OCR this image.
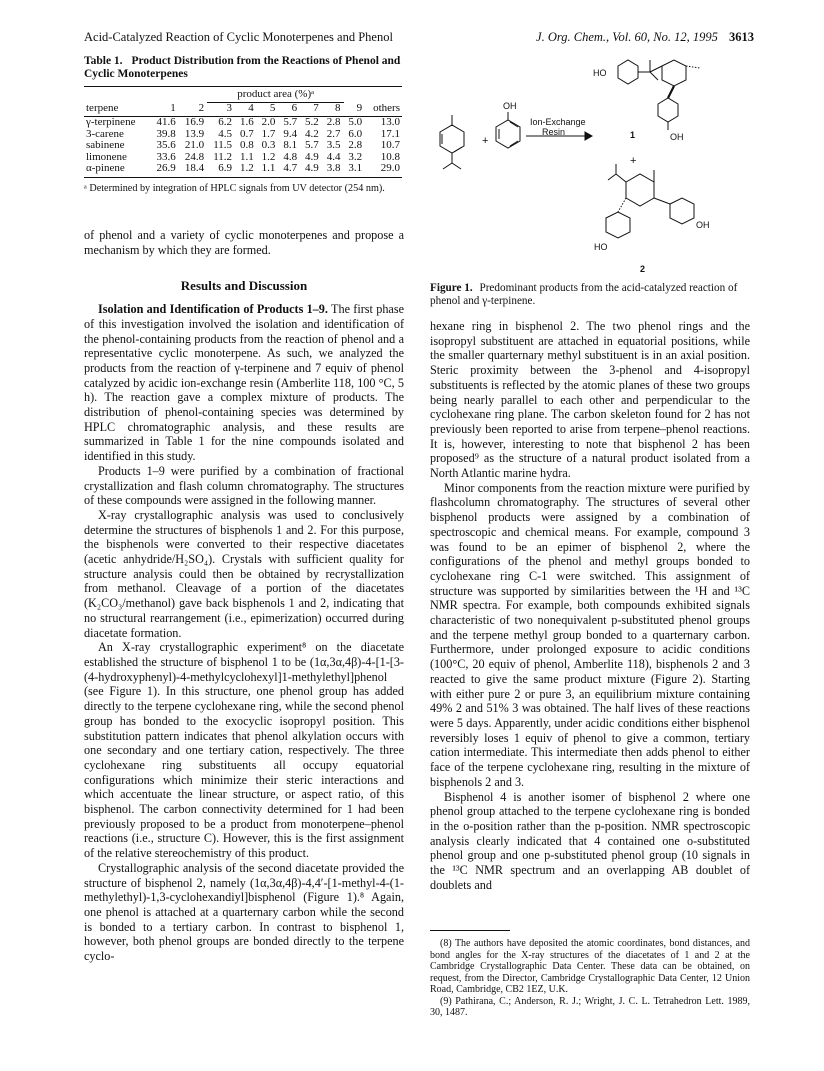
Acid-Catalyzed Reaction of Cyclic Monoterpenes and Phenol	J. Org. Chem., Vol. 60, No. 12, 1995 3613
Table 1. Product Distribution from the Reactions of Phenol and Cyclic Monoterpenes
	product area (%)ᵃ									
terpene	1	2	3	4	5	6	7	8	9	others
γ-terpinene	41.6	16.9	6.2	1.6	2.0	5.7	5.2	2.8	5.0	13.0
3-carene	39.8	13.9	4.5	0.7	1.7	9.4	4.2	2.7	6.0	17.1
sabinene	35.6	21.0	11.5	0.8	0.3	8.1	5.7	3.5	2.8	10.7
limonene	33.6	24.8	11.2	1.1	1.2	4.8	4.9	4.4	3.2	10.8
α-pinene	26.9	18.4	6.9	1.2	1.1	4.7	4.9	3.8	3.1	29.0
ᵃ Determined by integration of HPLC signals from UV detector (254 nm).
+
OH
Ion-Exchange
Resin
HO
OH
1
+
HO
OH
2
Figure 1. Predominant products from the acid-catalyzed reaction of phenol and γ-terpinene.

of phenol and a variety of cyclic monoterpenes and propose a mechanism by which they are formed.

Results and Discussion

Isolation and Identification of Products 1–9. The first phase of this investigation involved the isolation and identification of the phenol-containing products from the reaction of phenol and a representative cyclic monoterpene. As such, we analyzed the products from the reaction of γ-terpinene and 7 equiv of phenol catalyzed by acidic ion-exchange resin (Amberlite 118, 100 °C, 5 h). The reaction gave a complex mixture of products. The distribution of phenol-containing species was determined by HPLC chromatographic analysis, and these results are summarized in Table 1 for the nine compounds isolated and identified in this study.

Products 1–9 were purified by a combination of fractional crystallization and flash column chromatography. The structures of these compounds were assigned in the following manner.

X-ray crystallographic analysis was used to conclusively determine the structures of bisphenols 1 and 2. For this purpose, the bisphenols were converted to their respective diacetates (acetic anhydride/H₂SO₄). Crystals with sufficient quality for structure analysis could then be obtained by recrystallization from methanol. Cleavage of a portion of the diacetates (K₂CO₃/methanol) gave back bisphenols 1 and 2, indicating that no structural rearrangement (i.e., epimerization) occurred during diacetate formation.

An X-ray crystallographic experiment⁸ on the diacetate established the structure of bisphenol 1 to be (1α,3α,4β)-4-[1-[3-(4-hydroxyphenyl)-4-methylcyclohexyl]1-methylethyl]phenol (see Figure 1). In this structure, one phenol group has added directly to the terpene cyclohexane ring, while the second phenol group has bonded to the exocyclic isopropyl position. This substitution pattern indicates that phenol alkylation occurs with one secondary and one tertiary cation, respectively. The three cyclohexane ring substituents all occupy equatorial configurations which minimize their steric interactions and which accentuate the linear structure, or aspect ratio, of this bisphenol. The carbon connectivity determined for 1 had been previously proposed to be a product from monoterpene–phenol reactions (i.e., structure C). However, this is the first assignment of the relative stereochemistry of this product.

Crystallographic analysis of the second diacetate provided the structure of bisphenol 2, namely (1α,3α,4β)-4,4′-[1-methyl-4-(1-methylethyl)-1,3-cyclohexandiyl]bisphenol (Figure 1).⁸ Again, one phenol is attached at a quarternary carbon while the second is bonded to a tertiary carbon. In contrast to bisphenol 1, however, both phenol groups are bonded directly to the terpene cyclo-

hexane ring in bisphenol 2. The two phenol rings and the isopropyl substituent are attached in equatorial positions, while the smaller quarternary methyl substituent is in an axial position. Steric proximity between the 3-phenol and 4-isopropyl substituents is reflected by the atomic planes of these two groups being nearly parallel to each other and perpendicular to the cyclohexane ring plane. The carbon skeleton found for 2 has not previously been reported to arise from terpene–phenol reactions. It is, however, interesting to note that bisphenol 2 has been proposed⁹ as the structure of a natural product isolated from a North Atlantic marine hydra.

Minor components from the reaction mixture were purified by flashcolumn chromatography. The structures of several other bisphenol products were assigned by a combination of spectroscopic and chemical means. For example, compound 3 was found to be an epimer of bisphenol 2, where the configurations of the phenol and methyl groups bonded to cyclohexane ring C-1 were switched. This assignment of structure was supported by similarities between the ¹H and ¹³C NMR spectra. For example, both compounds exhibited signals characteristic of two nonequivalent p-substituted phenol groups and the terpene methyl group bonded to a quarternary carbon. Furthermore, under prolonged exposure to acidic conditions (100°C, 20 equiv of phenol, Amberlite 118), bisphenols 2 and 3 reacted to give the same product mixture (Figure 2). Starting with either pure 2 or pure 3, an equilibrium mixture containing 49% 2 and 51% 3 was obtained. The half lives of these reactions were 5 days. Apparently, under acidic conditions either bisphenol reversibly loses 1 equiv of phenol to give a common, tertiary cation intermediate. This intermediate then adds phenol to either face of the terpene cyclohexane ring, resulting in the mixture of bisphenols 2 and 3.

Bisphenol 4 is another isomer of bisphenol 2 where one phenol group attached to the terpene cyclohexane ring is bonded in the o-position rather than the p-position. NMR spectroscopic analysis clearly indicated that 4 contained one o-substituted phenol group and one p-substituted phenol group (10 signals in the ¹³C NMR spectrum and an overlapping AB doublet of doublets and

(8) The authors have deposited the atomic coordinates, bond distances, and bond angles for the X-ray structures of the diacetates of 1 and 2 at the Cambridge Crystallographic Data Center. These data can be obtained, on request, from the Director, Cambridge Crystallographic Data Center, 12 Union Road, Cambridge, CB2 1EZ, U.K.

(9) Pathirana, C.; Anderson, R. J.; Wright, J. C. L. Tetrahedron Lett. 1989, 30, 1487.
